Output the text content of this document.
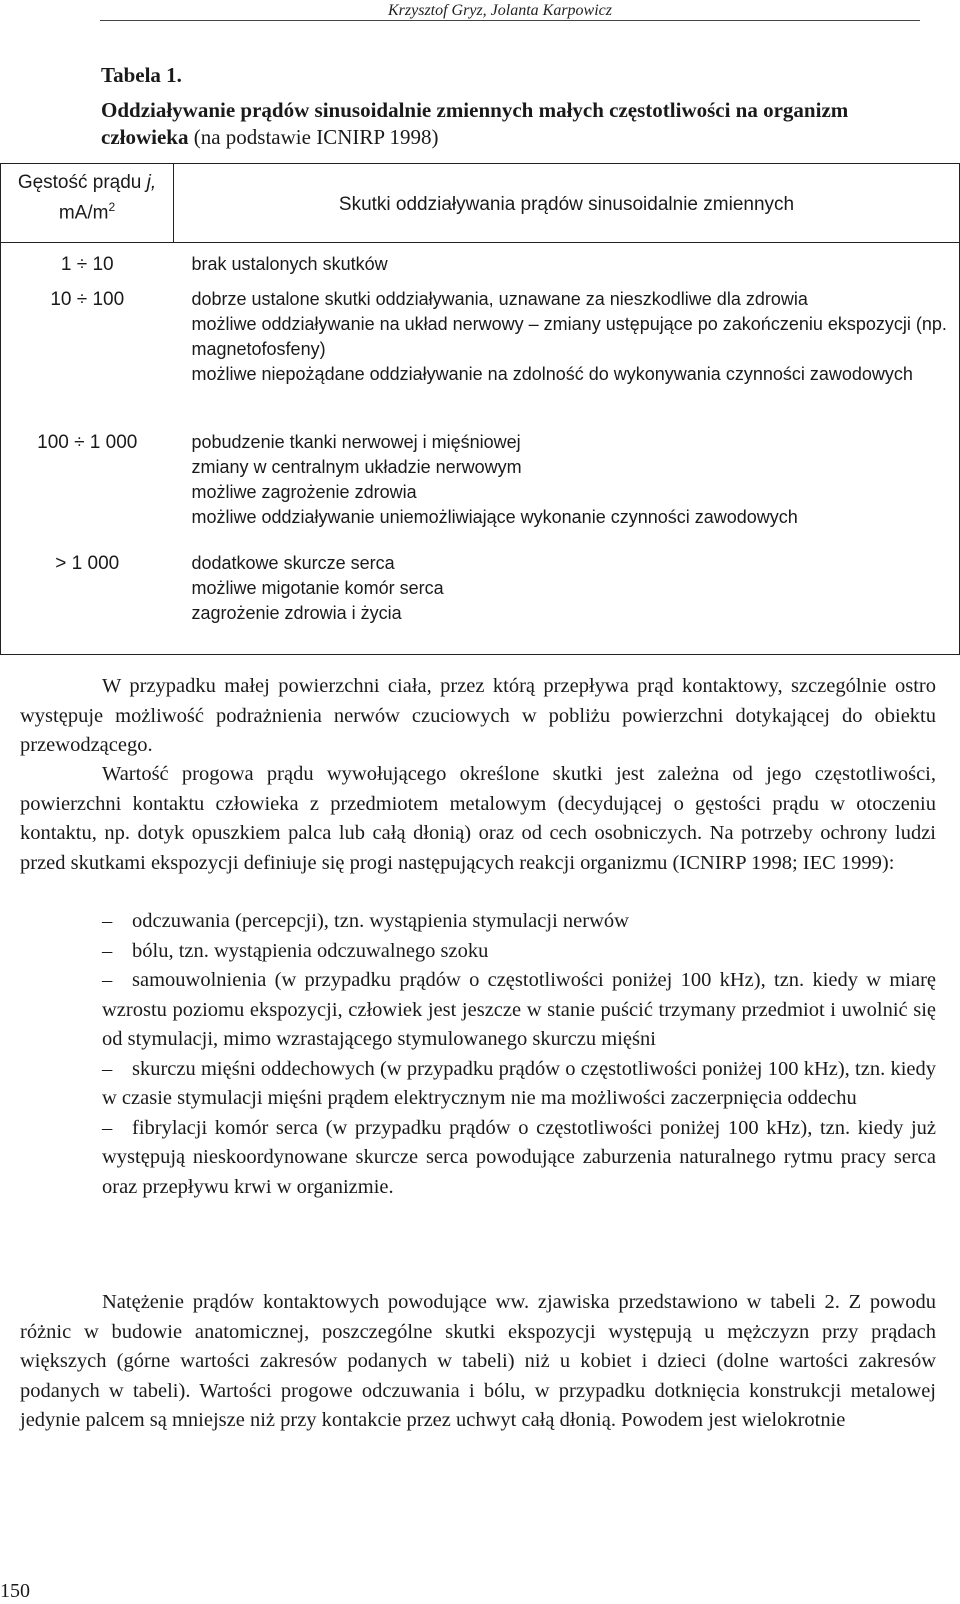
Krzysztof Gryz, Jolanta Karpowicz
Tabela 1.
Oddziaływanie prądów sinusoidalnie zmiennych małych częstotliwości na organizm człowieka (na podstawie ICNIRP 1998)
Gęstość prądu j,
$mA/m^2$	Skutki oddziaływania prądów sinusoidalnie zmiennych
1 ÷ 10	brak ustalonych skutków

10 ÷ 100	dobrze ustalone skutki oddziaływania, uznawane za nieszkodliwe dla zdrowia
możliwe oddziaływanie na układ nerwowy – zmiany ustępujące po zakończeniu ekspozycji (np. magnetofosfeny)
możliwe niepożądane oddziaływanie na zdolność do wykonywania czynności zawodowych

100 ÷ 1 000	pobudzenie tkanki nerwowej i mięśniowej
zmiany w centralnym układzie nerwowym
możliwe zagrożenie zdrowia
możliwe oddziaływanie uniemożliwiające wykonanie czynności zawodowych

> 1 000	dodatkowe skurcze serca
możliwe migotanie komór serca
zagrożenie zdrowia i życia

W przypadku małej powierzchni ciała, przez którą przepływa prąd kontaktowy, szczególnie ostro występuje możliwość podrażnienia nerwów czuciowych w pobliżu powierzchni dotykającej do obiektu przewodzącego.

Wartość progowa prądu wywołującego określone skutki jest zależna od jego częstotliwości, powierzchni kontaktu człowieka z przedmiotem metalowym (decydującej o gęstości prądu w otoczeniu kontaktu, np. dotyk opuszkiem palca lub całą dłonią) oraz od cech osobniczych. Na potrzeby ochrony ludzi przed skutkami ekspozycji definiuje się progi następujących reakcji organizmu (ICNIRP 1998; IEC 1999):

– odczuwania (percepcji), tzn. wystąpienia stymulacji nerwów
– bólu, tzn. wystąpienia odczuwalnego szoku
– samouwolnienia (w przypadku prądów o częstotliwości poniżej 100 kHz), tzn. kiedy w miarę wzrostu poziomu ekspozycji, człowiek jest jeszcze w stanie puścić trzymany przedmiot i uwolnić się od stymulacji, mimo wzrastającego stymulowanego skurczu mięśni
– skurczu mięśni oddechowych (w przypadku prądów o częstotliwości poniżej 100 kHz), tzn. kiedy w czasie stymulacji mięśni prądem elektrycznym nie ma możliwości zaczerpnięcia oddechu
– fibrylacji komór serca (w przypadku prądów o częstotliwości poniżej 100 kHz), tzn. kiedy już występują nieskoordynowane skurcze serca powodujące zaburzenia naturalnego rytmu pracy serca oraz przepływu krwi w organizmie.

Natężenie prądów kontaktowych powodujące ww. zjawiska przedstawiono w tabeli 2. Z powodu różnic w budowie anatomicznej, poszczególne skutki ekspozycji występują u mężczyzn przy prądach większych (górne wartości zakresów podanych w tabeli) niż u kobiet i dzieci (dolne wartości zakresów podanych w tabeli). Wartości progowe odczuwania i bólu, w przypadku dotknięcia konstrukcji metalowej jedynie palcem są mniejsze niż przy kontakcie przez uchwyt całą dłonią. Powodem jest wielokrotnie

150
